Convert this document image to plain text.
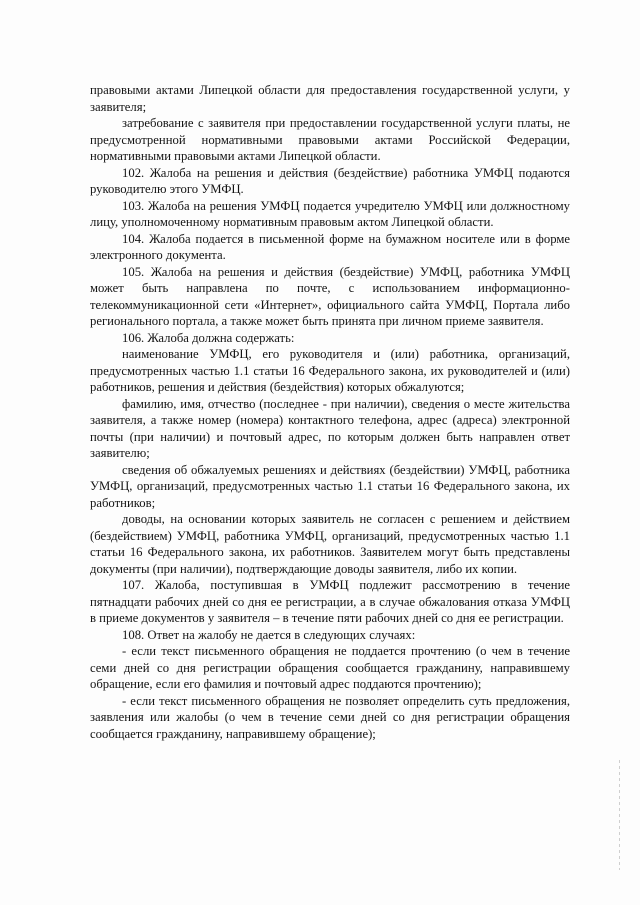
правовыми актами Липецкой области для предоставления государственной услуги, у заявителя;

затребование с заявителя при предоставлении государственной услуги платы, не предусмотренной нормативными правовыми актами Российской Федерации, нормативными правовыми актами Липецкой области.

102. Жалоба на решения и действия (бездействие) работника УМФЦ подаются руководителю этого УМФЦ.

103. Жалоба на решения УМФЦ подается учредителю УМФЦ или должностному лицу, уполномоченному нормативным правовым актом Липецкой области.

104. Жалоба подается в письменной форме на бумажном носителе или в форме электронного документа.

105. Жалоба на решения и действия (бездействие) УМФЦ, работника УМФЦ может быть направлена по почте, с использованием информационно-телекоммуникационной сети «Интернет», официального сайта УМФЦ, Портала либо регионального портала, а также может быть принята при личном приеме заявителя.

106. Жалоба должна содержать:

наименование УМФЦ, его руководителя и (или) работника, организаций, предусмотренных частью 1.1 статьи 16 Федерального закона, их руководителей и (или) работников, решения и действия (бездействия) которых обжалуются;

фамилию, имя, отчество (последнее - при наличии), сведения о месте жительства заявителя, а также номер (номера) контактного телефона, адрес (адреса) электронной почты (при наличии) и почтовый адрес, по которым должен быть направлен ответ заявителю;

сведения об обжалуемых решениях и действиях (бездействии) УМФЦ, работника УМФЦ, организаций, предусмотренных частью 1.1 статьи 16 Федерального закона, их работников;

доводы, на основании которых заявитель не согласен с решением и действием (бездействием) УМФЦ, работника УМФЦ, организаций, предусмотренных частью 1.1 статьи 16 Федерального закона, их работников. Заявителем могут быть представлены документы (при наличии), подтверждающие доводы заявителя, либо их копии.

107. Жалоба, поступившая в УМФЦ подлежит рассмотрению в течение пятнадцати рабочих дней со дня ее регистрации, а в случае обжалования отказа УМФЦ в приеме документов у заявителя – в течение пяти рабочих дней со дня ее регистрации.

108. Ответ на жалобу не дается в следующих случаях:

- если текст письменного обращения не поддается прочтению (о чем в течение семи дней со дня регистрации обращения сообщается гражданину, направившему обращение, если его фамилия и почтовый адрес поддаются прочтению);

- если текст письменного обращения не позволяет определить суть предложения, заявления или жалобы (о чем в течение семи дней со дня регистрации обращения сообщается гражданину, направившему обращение);
